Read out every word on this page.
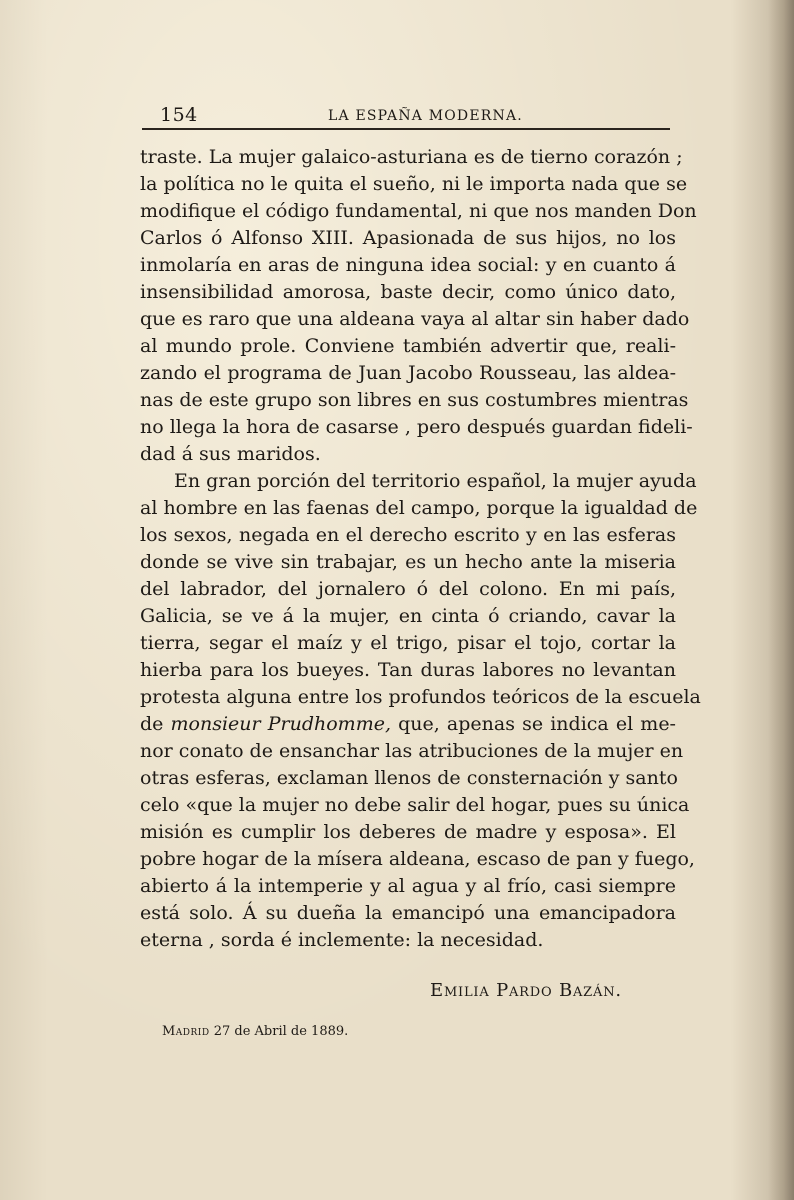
154	LA ESPAÑA MODERNA.
traste. La mujer galaico-asturiana es de tierno corazón ;
la política no le quita el sueño, ni le importa nada que se
modifique el código fundamental, ni que nos manden Don
Carlos ó Alfonso XIII. Apasionada de sus hijos, no los
inmolaría en aras de ninguna idea social: y en cuanto á
insensibilidad amorosa, baste decir, como único dato,
que es raro que una aldeana vaya al altar sin haber dado
al mundo prole. Conviene también advertir que, reali-
zando el programa de Juan Jacobo Rousseau, las aldea-
nas de este grupo son libres en sus costumbres mientras
no llega la hora de casarse , pero después guardan fideli-
dad á sus maridos.
En gran porción del territorio español, la mujer ayuda
al hombre en las faenas del campo, porque la igualdad de
los sexos, negada en el derecho escrito y en las esferas
donde se vive sin trabajar, es un hecho ante la miseria
del labrador, del jornalero ó del colono. En mi país,
Galicia, se ve á la mujer, en cinta ó criando, cavar la
tierra, segar el maíz y el trigo, pisar el tojo, cortar la
hierba para los bueyes. Tan duras labores no levantan
protesta alguna entre los profundos teóricos de la escuela
de monsieur Prudhomme, que, apenas se indica el me-
nor conato de ensanchar las atribuciones de la mujer en
otras esferas, exclaman llenos de consternación y santo
celo «que la mujer no debe salir del hogar, pues su única
misión es cumplir los deberes de madre y esposa». El
pobre hogar de la mísera aldeana, escaso de pan y fuego,
abierto á la intemperie y al agua y al frío, casi siempre
está solo. Á su dueña la emancipó una emancipadora
eterna , sorda é inclemente: la necesidad.
Emilia Pardo Bazán.
Madrid 27 de Abril de 1889.
